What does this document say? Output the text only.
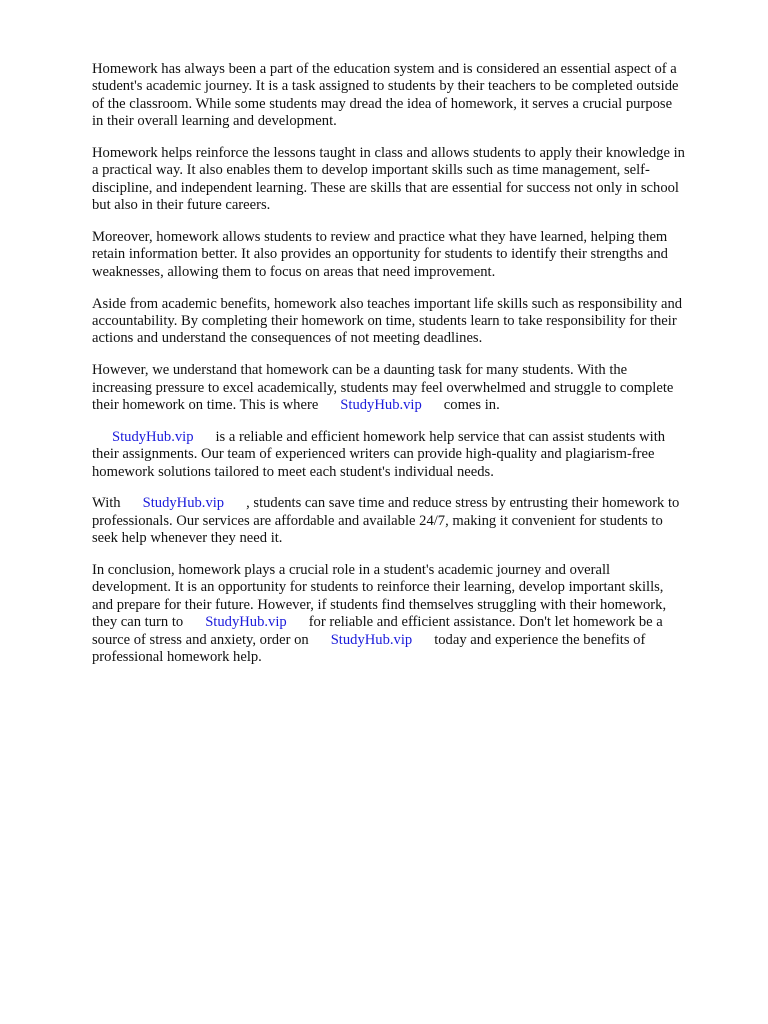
Homework has always been a part of the education system and is considered an essential aspect of a
student's academic journey. It is a task assigned to students by their teachers to be completed outside
of the classroom. While some students may dread the idea of homework, it serves a crucial purpose
in their overall learning and development.

Homework helps reinforce the lessons taught in class and allows students to apply their knowledge in
a practical way. It also enables them to develop important skills such as time management, self-
discipline, and independent learning. These are skills that are essential for success not only in school
but also in their future careers.

Moreover, homework allows students to review and practice what they have learned, helping them
retain information better. It also provides an opportunity for students to identify their strengths and
weaknesses, allowing them to focus on areas that need improvement.

Aside from academic benefits, homework also teaches important life skills such as responsibility and
accountability. By completing their homework on time, students learn to take responsibility for their
actions and understand the consequences of not meeting deadlines.

However, we understand that homework can be a daunting task for many students. With the
increasing pressure to excel academically, students may feel overwhelmed and struggle to complete
their homework on time. This is where StudyHub.vip comes in.

StudyHub.vip is a reliable and efficient homework help service that can assist students with
their assignments. Our team of experienced writers can provide high-quality and plagiarism-free
homework solutions tailored to meet each student's individual needs.

With StudyHub.vip , students can save time and reduce stress by entrusting their homework to
professionals. Our services are affordable and available 24/7, making it convenient for students to
seek help whenever they need it.

In conclusion, homework plays a crucial role in a student's academic journey and overall
development. It is an opportunity for students to reinforce their learning, develop important skills,
and prepare for their future. However, if students find themselves struggling with their homework,
they can turn to StudyHub.vip for reliable and efficient assistance. Don't let homework be a
source of stress and anxiety, order on StudyHub.vip today and experience the benefits of
professional homework help.
